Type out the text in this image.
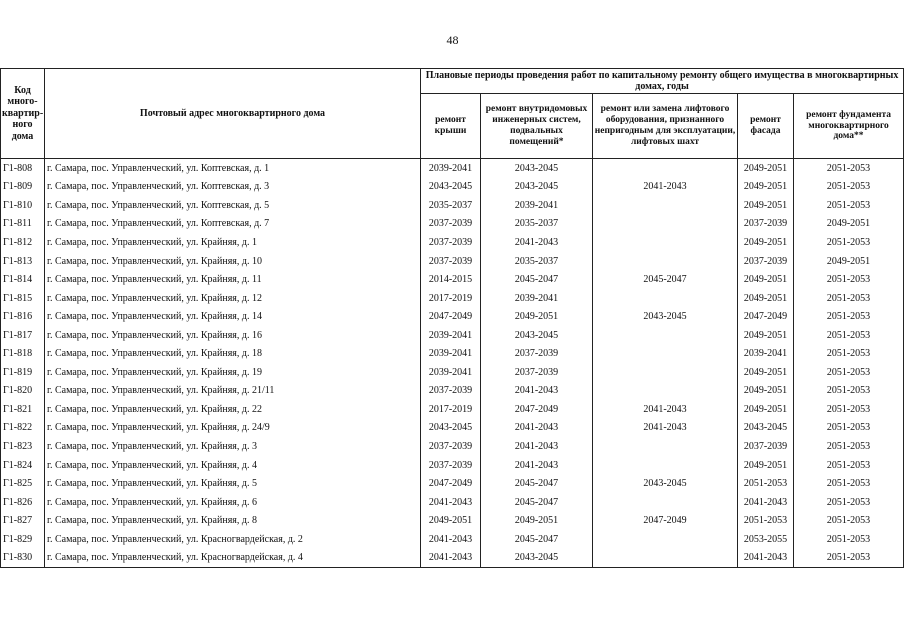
48
Код много-квартир-ного дома	Почтовый адрес многоквартирного дома	Плановые периоды проведения работ по капитальному ремонту общего имущества в многоквартирных домах, годы				
		ремонт крыши	ремонт внутридомовых инженерных систем, подвальных помещений*	ремонт или замена лифтового оборудования, признанного непригодным для эксплуатации, лифтовых шахт	ремонт фасада	ремонт фундамента многоквартирного дома**
Г1-808	г. Самара, пос. Управленческий, ул. Коптевская, д. 1	2039-2041	2043-2045		2049-2051	2051-2053
Г1-809	г. Самара, пос. Управленческий, ул. Коптевская, д. 3	2043-2045	2043-2045	2041-2043	2049-2051	2051-2053
Г1-810	г. Самара, пос. Управленческий, ул. Коптевская, д. 5	2035-2037	2039-2041		2049-2051	2051-2053
Г1-811	г. Самара, пос. Управленческий, ул. Коптевская, д. 7	2037-2039	2035-2037		2037-2039	2049-2051
Г1-812	г. Самара, пос. Управленческий, ул. Крайняя, д. 1	2037-2039	2041-2043		2049-2051	2051-2053
Г1-813	г. Самара, пос. Управленческий, ул. Крайняя, д. 10	2037-2039	2035-2037		2037-2039	2049-2051
Г1-814	г. Самара, пос. Управленческий, ул. Крайняя, д. 11	2014-2015	2045-2047	2045-2047	2049-2051	2051-2053
Г1-815	г. Самара, пос. Управленческий, ул. Крайняя, д. 12	2017-2019	2039-2041		2049-2051	2051-2053
Г1-816	г. Самара, пос. Управленческий, ул. Крайняя, д. 14	2047-2049	2049-2051	2043-2045	2047-2049	2051-2053
Г1-817	г. Самара, пос. Управленческий, ул. Крайняя, д. 16	2039-2041	2043-2045		2049-2051	2051-2053
Г1-818	г. Самара, пос. Управленческий, ул. Крайняя, д. 18	2039-2041	2037-2039		2039-2041	2051-2053
Г1-819	г. Самара, пос. Управленческий, ул. Крайняя, д. 19	2039-2041	2037-2039		2049-2051	2051-2053
Г1-820	г. Самара, пос. Управленческий, ул. Крайняя, д. 21/11	2037-2039	2041-2043		2049-2051	2051-2053
Г1-821	г. Самара, пос. Управленческий, ул. Крайняя, д. 22	2017-2019	2047-2049	2041-2043	2049-2051	2051-2053
Г1-822	г. Самара, пос. Управленческий, ул. Крайняя, д. 24/9	2043-2045	2041-2043	2041-2043	2043-2045	2051-2053
Г1-823	г. Самара, пос. Управленческий, ул. Крайняя, д. 3	2037-2039	2041-2043		2037-2039	2051-2053
Г1-824	г. Самара, пос. Управленческий, ул. Крайняя, д. 4	2037-2039	2041-2043		2049-2051	2051-2053
Г1-825	г. Самара, пос. Управленческий, ул. Крайняя, д. 5	2047-2049	2045-2047	2043-2045	2051-2053	2051-2053
Г1-826	г. Самара, пос. Управленческий, ул. Крайняя, д. 6	2041-2043	2045-2047		2041-2043	2051-2053
Г1-827	г. Самара, пос. Управленческий, ул. Крайняя, д. 8	2049-2051	2049-2051	2047-2049	2051-2053	2051-2053
Г1-829	г. Самара, пос. Управленческий, ул. Красногвардейская, д. 2	2041-2043	2045-2047		2053-2055	2051-2053
Г1-830	г. Самара, пос. Управленческий, ул. Красногвардейская, д. 4	2041-2043	2043-2045		2041-2043	2051-2053
